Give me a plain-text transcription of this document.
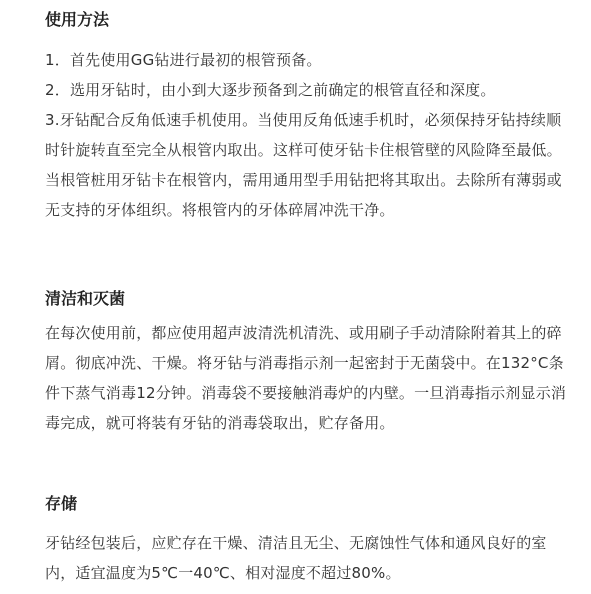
使用方法

1．首先使用GG钻进行最初的根管预备。

2．选用牙钻时，由小到大逐步预备到之前确定的根管直径和深度。

3.牙钻配合反角低速手机使用。当使用反角低速手机时，必须保持牙钻持续顺时针旋转直至完全从根管内取出。这样可使牙钻卡住根管壁的风险降至最低。当根管桩用牙钻卡在根管内，需用通用型手用钻把将其取出。去除所有薄弱或无支持的牙体组织。将根管内的牙体碎屑冲洗干净。

清洁和灭菌

在每次使用前，都应使用超声波清洗机清洗、或用刷子手动清除附着其上的碎屑。彻底冲洗、干燥。将牙钻与消毒指示剂一起密封于无菌袋中。在132°C条件下蒸气消毒12分钟。消毒袋不要接触消毒炉的内壁。一旦消毒指示剂显示消毒完成，就可将装有牙钻的消毒袋取出，贮存备用。

存储

牙钻经包装后，应贮存在干燥、清洁且无尘、无腐蚀性气体和通风良好的室内，适宜温度为5℃一40℃、相对湿度不超过80%。
